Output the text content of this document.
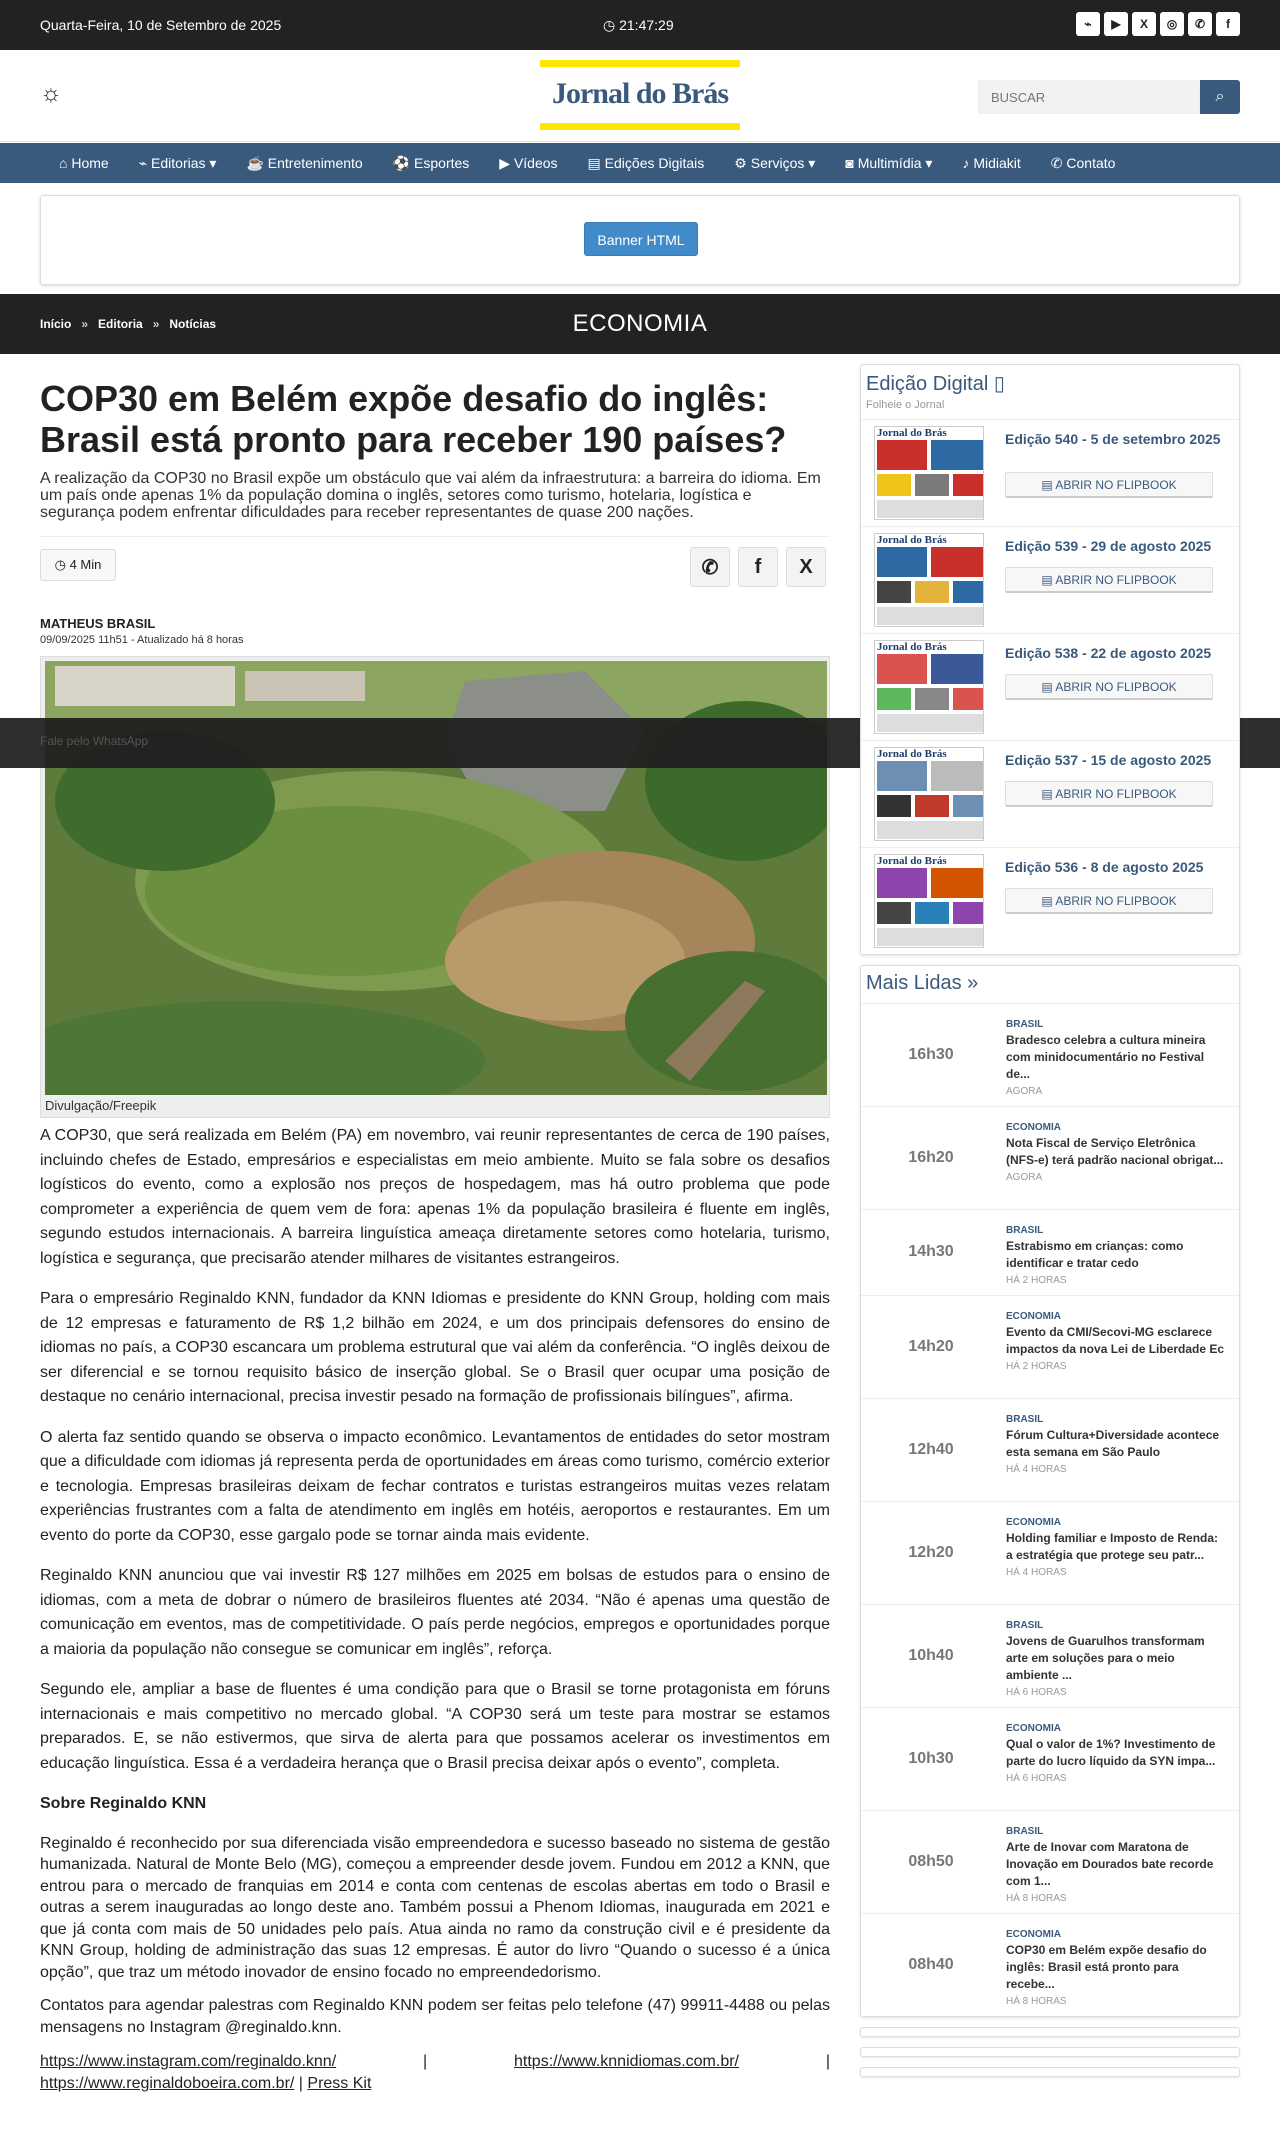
Quarta-Feira, 10 de Setembro de 2025	◷ 21:47:29	⌁	▶	X	◎	✆	f
☼	Jornal do Brás
BUSCAR	⌕
⌂ Home	⌁ Editorias ▾	☕ Entretenimento	⚽ Esportes	▶ Vídeos	▤ Edições Digitais	⚙ Serviços ▾	◙ Multimídia ▾	♪ Midiakit	✆ Contato
Banner HTML
ECONOMIA
Início » Editoria » Notícias
COP30 em Belém expõe desafio do inglês: Brasil está pronto para receber 190 países?

A realização da COP30 no Brasil expõe um obstáculo que vai além da infraestrutura: a barreira do idioma. Em um país onde apenas 1% da população domina o inglês, setores como turismo, hotelaria, logística e segurança podem enfrentar dificuldades para receber representantes de quase 200 nações.

◷ 4 Min	✆	f	X
MATHEUS BRASIL
09/09/2025 11h51 - Atualizado há 8 horas
Divulgação/Freepik
Fale pelo WhatsApp

A COP30, que será realizada em Belém (PA) em novembro, vai reunir representantes de cerca de 190 países, incluindo chefes de Estado, empresários e especialistas em meio ambiente. Muito se fala sobre os desafios logísticos do evento, como a explosão nos preços de hospedagem, mas há outro problema que pode comprometer a experiência de quem vem de fora: apenas 1% da população brasileira é fluente em inglês, segundo estudos internacionais. A barreira linguística ameaça diretamente setores como hotelaria, turismo, logística e segurança, que precisarão atender milhares de visitantes estrangeiros.

Para o empresário Reginaldo KNN, fundador da KNN Idiomas e presidente do KNN Group, holding com mais de 12 empresas e faturamento de R$ 1,2 bilhão em 2024, e um dos principais defensores do ensino de idiomas no país, a COP30 escancara um problema estrutural que vai além da conferência. “O inglês deixou de ser diferencial e se tornou requisito básico de inserção global. Se o Brasil quer ocupar uma posição de destaque no cenário internacional, precisa investir pesado na formação de profissionais bilíngues”, afirma.

O alerta faz sentido quando se observa o impacto econômico. Levantamentos de entidades do setor mostram que a dificuldade com idiomas já representa perda de oportunidades em áreas como turismo, comércio exterior e tecnologia. Empresas brasileiras deixam de fechar contratos e turistas estrangeiros muitas vezes relatam experiências frustrantes com a falta de atendimento em inglês em hotéis, aeroportos e restaurantes. Em um evento do porte da COP30, esse gargalo pode se tornar ainda mais evidente.

Reginaldo KNN anunciou que vai investir R$ 127 milhões em 2025 em bolsas de estudos para o ensino de idiomas, com a meta de dobrar o número de brasileiros fluentes até 2034. “Não é apenas uma questão de comunicação em eventos, mas de competitividade. O país perde negócios, empregos e oportunidades porque a maioria da população não consegue se comunicar em inglês”, reforça.

Segundo ele, ampliar a base de fluentes é uma condição para que o Brasil se torne protagonista em fóruns internacionais e mais competitivo no mercado global. “A COP30 será um teste para mostrar se estamos preparados. E, se não estivermos, que sirva de alerta para que possamos acelerar os investimentos em educação linguística. Essa é a verdadeira herança que o Brasil precisa deixar após o evento”, completa.

Sobre Reginaldo KNN

Reginaldo é reconhecido por sua diferenciada visão empreendedora e sucesso baseado no sistema de gestão humanizada. Natural de Monte Belo (MG), começou a empreender desde jovem. Fundou em 2012 a KNN, que entrou para o mercado de franquias em 2014 e conta com centenas de escolas abertas em todo o Brasil e outras a serem inauguradas ao longo deste ano. Também possui a Phenom Idiomas, inaugurada em 2021 e que já conta com mais de 50 unidades pelo país. Atua ainda no ramo da construção civil e é presidente da KNN Group, holding de administração das suas 12 empresas. É autor do livro “Quando o sucesso é a única opção”, que traz um método inovador de ensino focado no empreendedorismo.

Contatos para agendar palestras com Reginaldo KNN podem ser feitas pelo telefone (47) 99911-4488 ou pelas mensagens no Instagram @reginaldo.knn.

https://www.instagram.com/reginaldo.knn/	|	https://www.knnidiomas.com.br/	|
https://www.reginaldoboeira.com.br/ | Press Kit
Edição Digital ▯
Folheie o Jornal
Jornal do Brás	Edição 540 - 5 de setembro 2025
▤ ABRIR NO FLIPBOOK
Jornal do Brás	Edição 539 - 29 de agosto 2025
▤ ABRIR NO FLIPBOOK
Jornal do Brás	Edição 538 - 22 de agosto 2025
▤ ABRIR NO FLIPBOOK
Jornal do Brás	Edição 537 - 15 de agosto 2025
▤ ABRIR NO FLIPBOOK
Jornal do Brás	Edição 536 - 8 de agosto 2025
▤ ABRIR NO FLIPBOOK
Mais Lidas »
16h30
BRASIL
Bradesco celebra a cultura mineira com minidocumentário no Festival de...
AGORA
16h20
ECONOMIA
Nota Fiscal de Serviço Eletrônica (NFS-e) terá padrão nacional obrigat...
AGORA
14h30
BRASIL
Estrabismo em crianças: como identificar e tratar cedo
HÁ 2 HORAS
14h20
ECONOMIA
Evento da CMI/Secovi-MG esclarece impactos da nova Lei de Liberdade Ec
HÁ 2 HORAS
12h40
BRASIL
Fórum Cultura+Diversidade acontece esta semana em São Paulo
HÁ 4 HORAS
12h20
ECONOMIA
Holding familiar e Imposto de Renda: a estratégia que protege seu patr...
HÁ 4 HORAS
10h40
BRASIL
Jovens de Guarulhos transformam arte em soluções para o meio ambiente ...
HÁ 6 HORAS
10h30
ECONOMIA
Qual o valor de 1%? Investimento de parte do lucro líquido da SYN impa...
HÁ 6 HORAS
08h50
BRASIL
Arte de Inovar com Maratona de Inovação em Dourados bate recorde com 1...
HÁ 8 HORAS
08h40
ECONOMIA
COP30 em Belém expõe desafio do inglês: Brasil está pronto para recebe...
HÁ 8 HORAS
